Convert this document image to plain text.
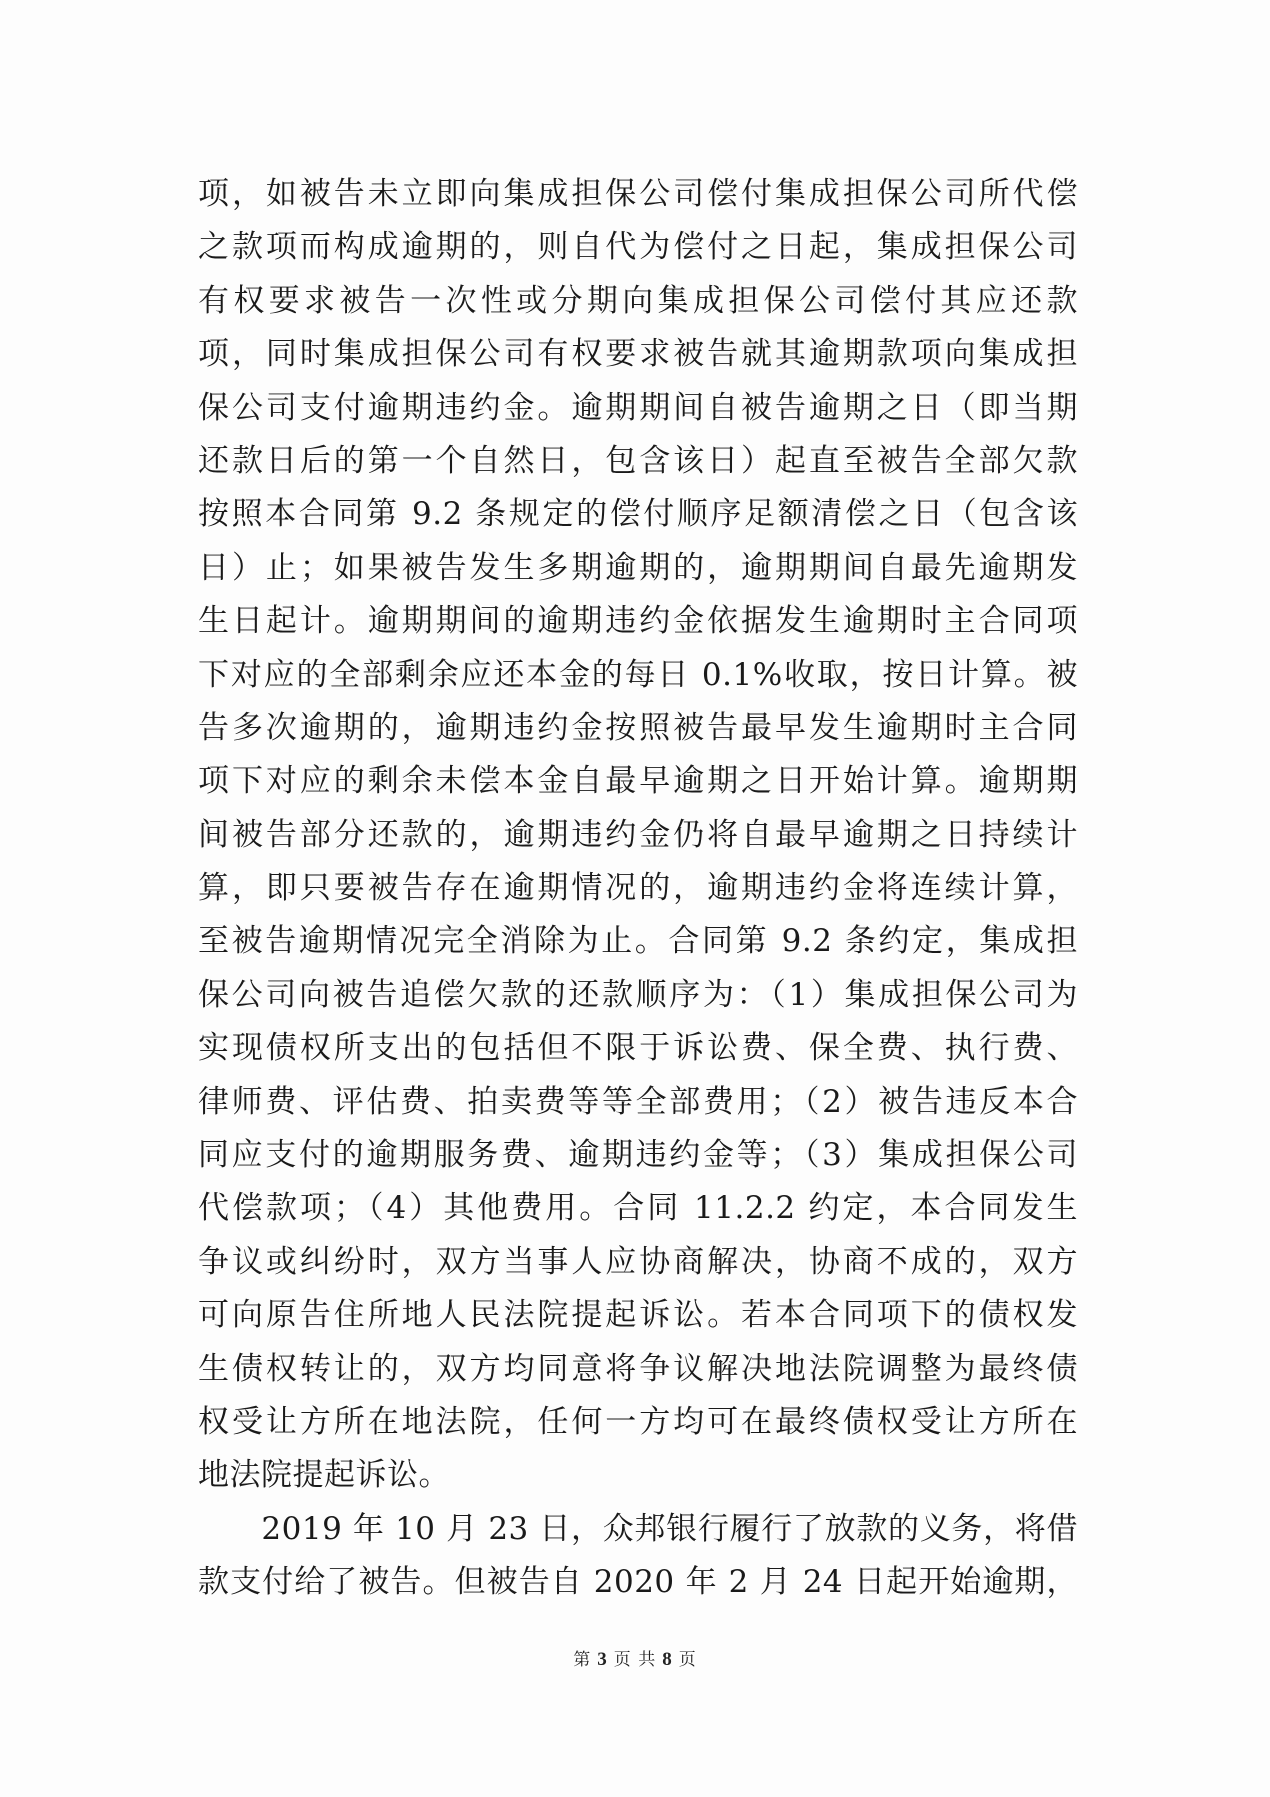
项，如被告未立即向集成担保公司偿付集成担保公司所代偿
之款项而构成逾期的，则自代为偿付之日起，集成担保公司
有权要求被告一次性或分期向集成担保公司偿付其应还款
项，同时集成担保公司有权要求被告就其逾期款项向集成担
保公司支付逾期违约金。逾期期间自被告逾期之日（即当期
还款日后的第一个自然日，包含该日）起直至被告全部欠款
按照本合同第 9.2 条规定的偿付顺序足额清偿之日（包含该
日）止；如果被告发生多期逾期的，逾期期间自最先逾期发
生日起计。逾期期间的逾期违约金依据发生逾期时主合同项
下对应的全部剩余应还本金的每日 0.1%收取，按日计算。被
告多次逾期的，逾期违约金按照被告最早发生逾期时主合同
项下对应的剩余未偿本金自最早逾期之日开始计算。逾期期
间被告部分还款的，逾期违约金仍将自最早逾期之日持续计
算，即只要被告存在逾期情况的，逾期违约金将连续计算，
至被告逾期情况完全消除为止。合同第 9.2 条约定，集成担
保公司向被告追偿欠款的还款顺序为：（1）集成担保公司为
实现债权所支出的包括但不限于诉讼费、保全费、执行费、
律师费、评估费、拍卖费等等全部费用；（2）被告违反本合
同应支付的逾期服务费、逾期违约金等；（3）集成担保公司
代偿款项；（4）其他费用。合同 11.2.2 约定，本合同发生
争议或纠纷时，双方当事人应协商解决，协商不成的，双方
可向原告住所地人民法院提起诉讼。若本合同项下的债权发
生债权转让的，双方均同意将争议解决地法院调整为最终债
权受让方所在地法院，任何一方均可在最终债权受让方所在
地法院提起诉讼。
　　2019 年 10 月 23 日，众邦银行履行了放款的义务，将借
款支付给了被告。但被告自 2020 年 2 月 24 日起开始逾期，
第 3 页 共 8 页
